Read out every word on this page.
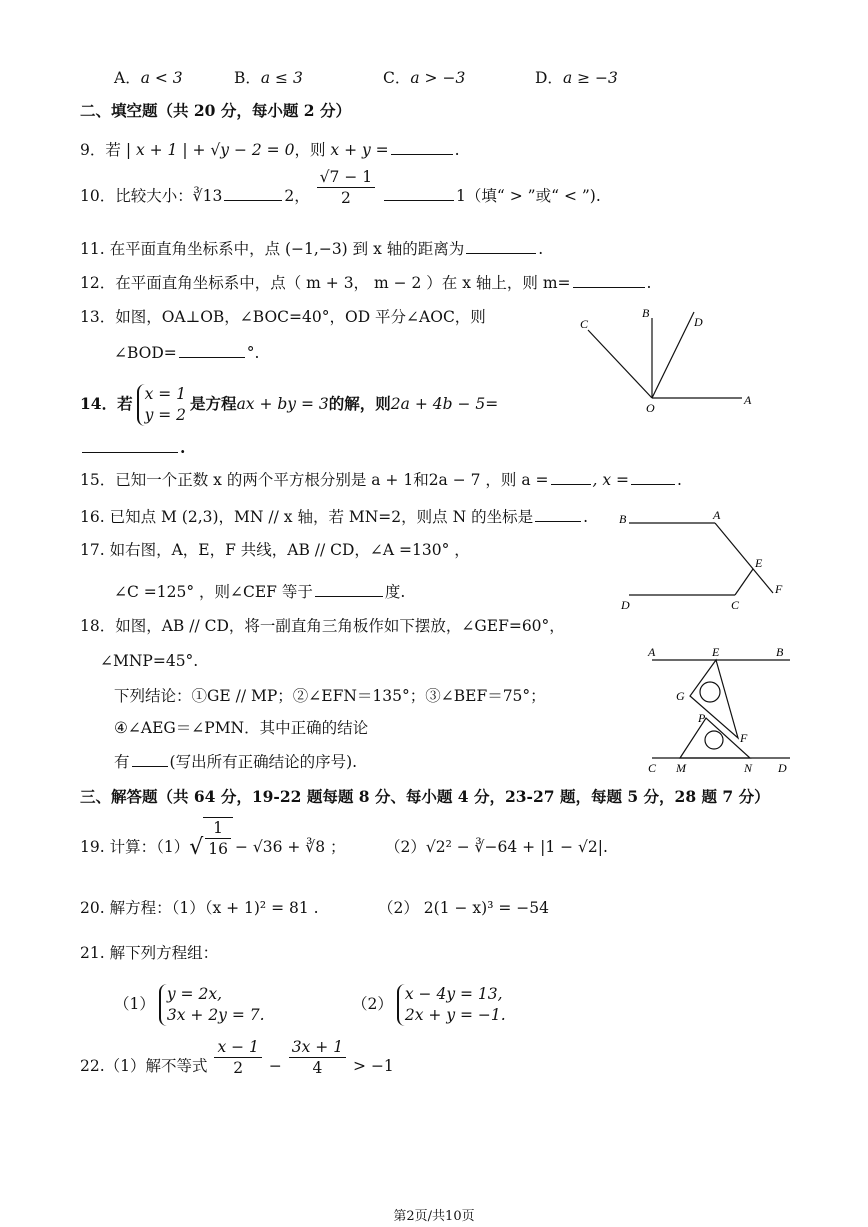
A．a < 3	B．a ≤ 3	C．a > −3	D．a ≥ −3
二、填空题（共 20 分，每小题 2 分）
9．若 | x + 1 | + √y − 2 = 0，则 x + y =	.
10．比较大小：∛13	2， $\frac{√7 - 1}{2}$	1（填“ > ”或“ < ”).
11. 在平面直角坐标系中，点 (−1,−3) 到 x 轴的距离为	.
12．在平面直角坐标系中，点（ m + 3， m − 2 ）在 x 轴上，则 m=	.
13．如图，OA⊥OB，∠BOC=40°，OD 平分∠AOC，则
∠BOD=	°.
C
B
D
O
A
14．若 x = 1
y = 2
是方程ax + by = 3的解，则2a + 4b − 5=
.
15．已知一个正数 x 的两个平方根分别是 a + 1和2a − 7 ，则 a =	, x =	.
16. 已知点 M (2,3)，MN // x 轴，若 MN=2，则点 N 的坐标是	.
17. 如右图，A，E，F 共线，AB // CD，∠A =130° ，
∠C =125° ，则∠CEF 等于	度.
B	A
E
F
D	C
18．如图，AB // CD，将一副直角三角板作如下摆放，∠GEF=60°，
∠MNP=45°.
下列结论：①GE // MP；②∠EFN＝135°；③∠BEF＝75°；
④∠AEG＝∠PMN．其中正确的结论
有	(写出所有正确结论的序号).
A	E	B
G
P
F
C M	N D
三、解答题（共 64 分，19-22 题每题 8 分、每小题 4 分，23-27 题，每题 5 分，28 题 7 分）
19. 计算：$(1)√ \frac{1}{16} - √36$ + ∛8 ；	（2）√2² − ∛−64 + |1 − √2|.
20. 解方程：（1）（x + 1)² = 81 .	（2） 2(1 − x)³ = −54
21. 解下列方程组：
（1）
y = 2x,
3x + 2y = 7.
（2）
x − 4y = 13,
2x + y = −1.
22.（1）解不等式 $\frac{x - 1}{2} - \frac{3x + 1}{4} > -1$
第2页/共10页
